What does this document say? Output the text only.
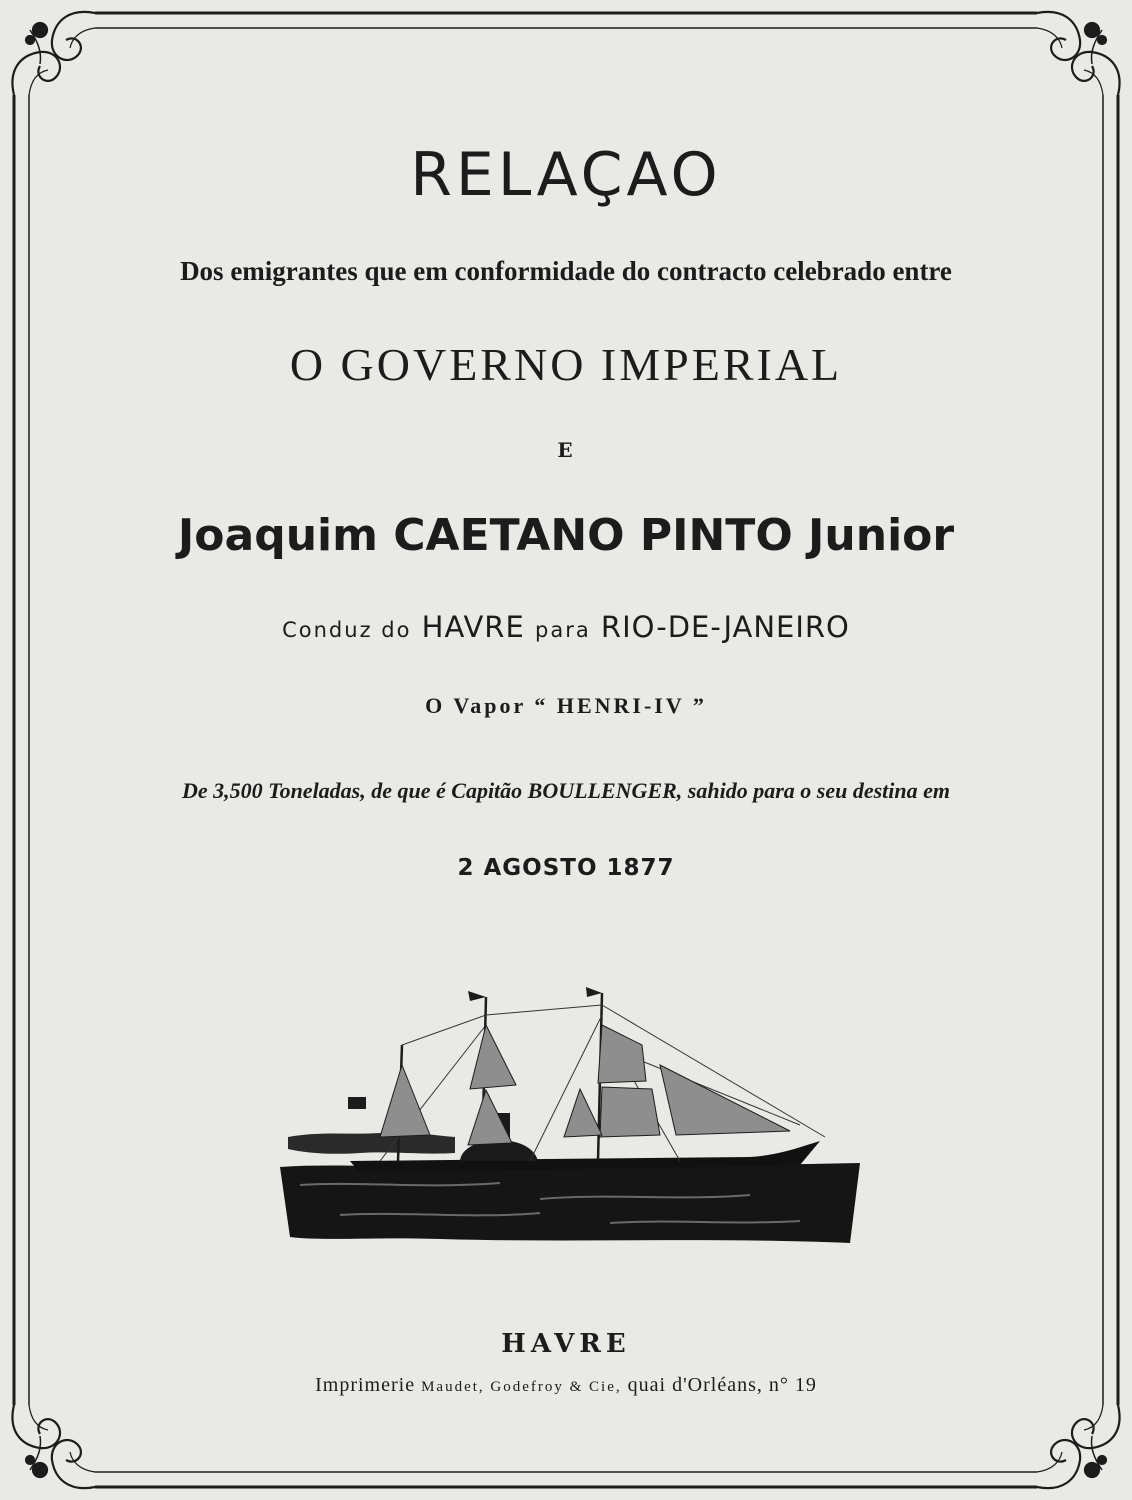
RELAÇAO
Dos emigrantes que em conformidade do contracto celebrado entre
O GOVERNO IMPERIAL
E
Joaquim CAETANO PINTO Junior
Conduz do HAVRE para RIO-DE-JANEIRO
O Vapor “ HENRI-IV ”
De 3,500 Toneladas, de que é Capitão BOULLENGER, sahido para o seu destina em
2 AGOSTO 1877
HAVRE
Imprimerie Maudet, Godefroy & Cie, quai d'Orléans, n° 19
